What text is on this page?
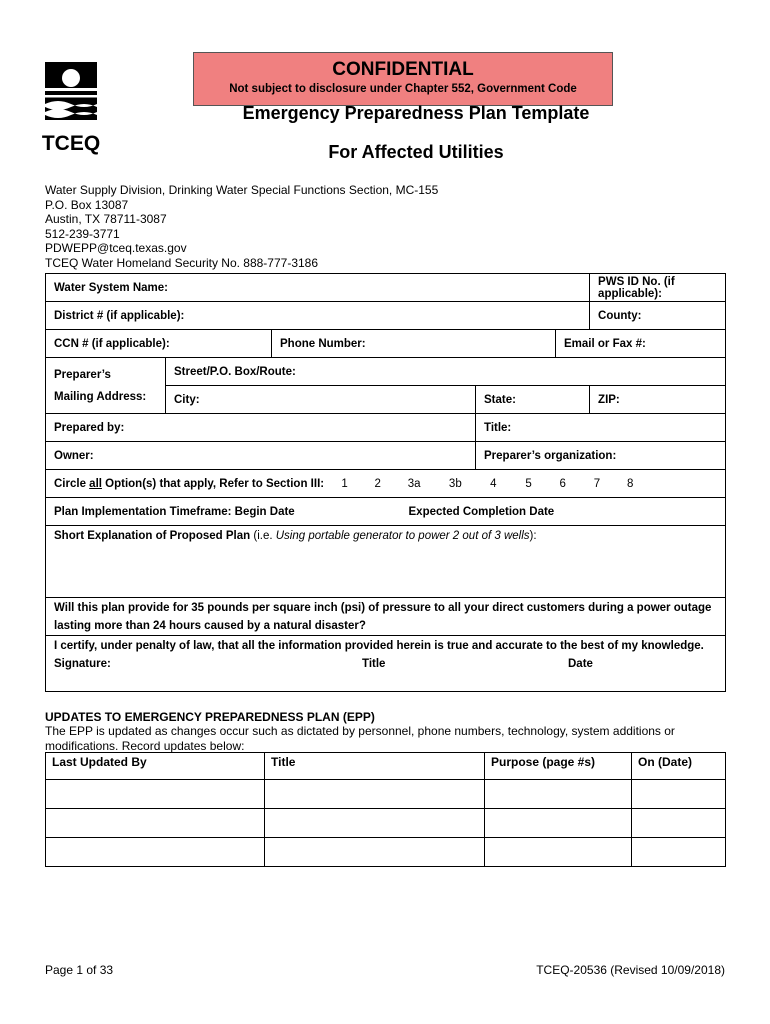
CONFIDENTIAL
Not subject to disclosure under Chapter 552, Government Code
TCEQ
Emergency Preparedness Plan Template
For Affected Utilities
Water Supply Division, Drinking Water Special Functions Section, MC-155
P.O. Box 13087
Austin, TX 78711-3087
512-239-3771
PDWEPP@tceq.texas.gov
TCEQ Water Homeland Security No. 888-777-3186
Water System Name:					PWS ID No. (if applicable):
District # (if applicable):					County:
CCN # (if applicable):		Phone Number:		Email or Fax #:	

Preparer’s
Mailing Address:	Street/P.O. Box/Route:				
	City:		State:		ZIP:
Prepared by:			Title:		
Owner:			Preparer’s organization:		
Circle all Option(s) that apply, Refer to Section III: 1 2 3a 3b 4 5 6 7 8					
Plan Implementation Timeframe: Begin Date Expected Completion Date					

Short Explanation of Proposed Plan (i.e. Using portable generator to power 2 out of 3 wells):					
Will this plan provide for 35 pounds per square inch (psi) of pressure to all your direct customers during a power outage lasting more than 24 hours caused by a natural disaster?					

I certify, under penalty of law, that all the information provided herein is true and accurate to the best of my knowledge.
Signature: Title Date					
UPDATES TO EMERGENCY PREPAREDNESS PLAN (EPP)
The EPP is updated as changes occur such as dictated by personnel, phone numbers, technology, system additions or modifications. Record updates below:
Last Updated By	Title	Purpose (page #s)	On (Date)

Page 1 of 33	TCEQ-20536 (Revised 10/09/2018)
